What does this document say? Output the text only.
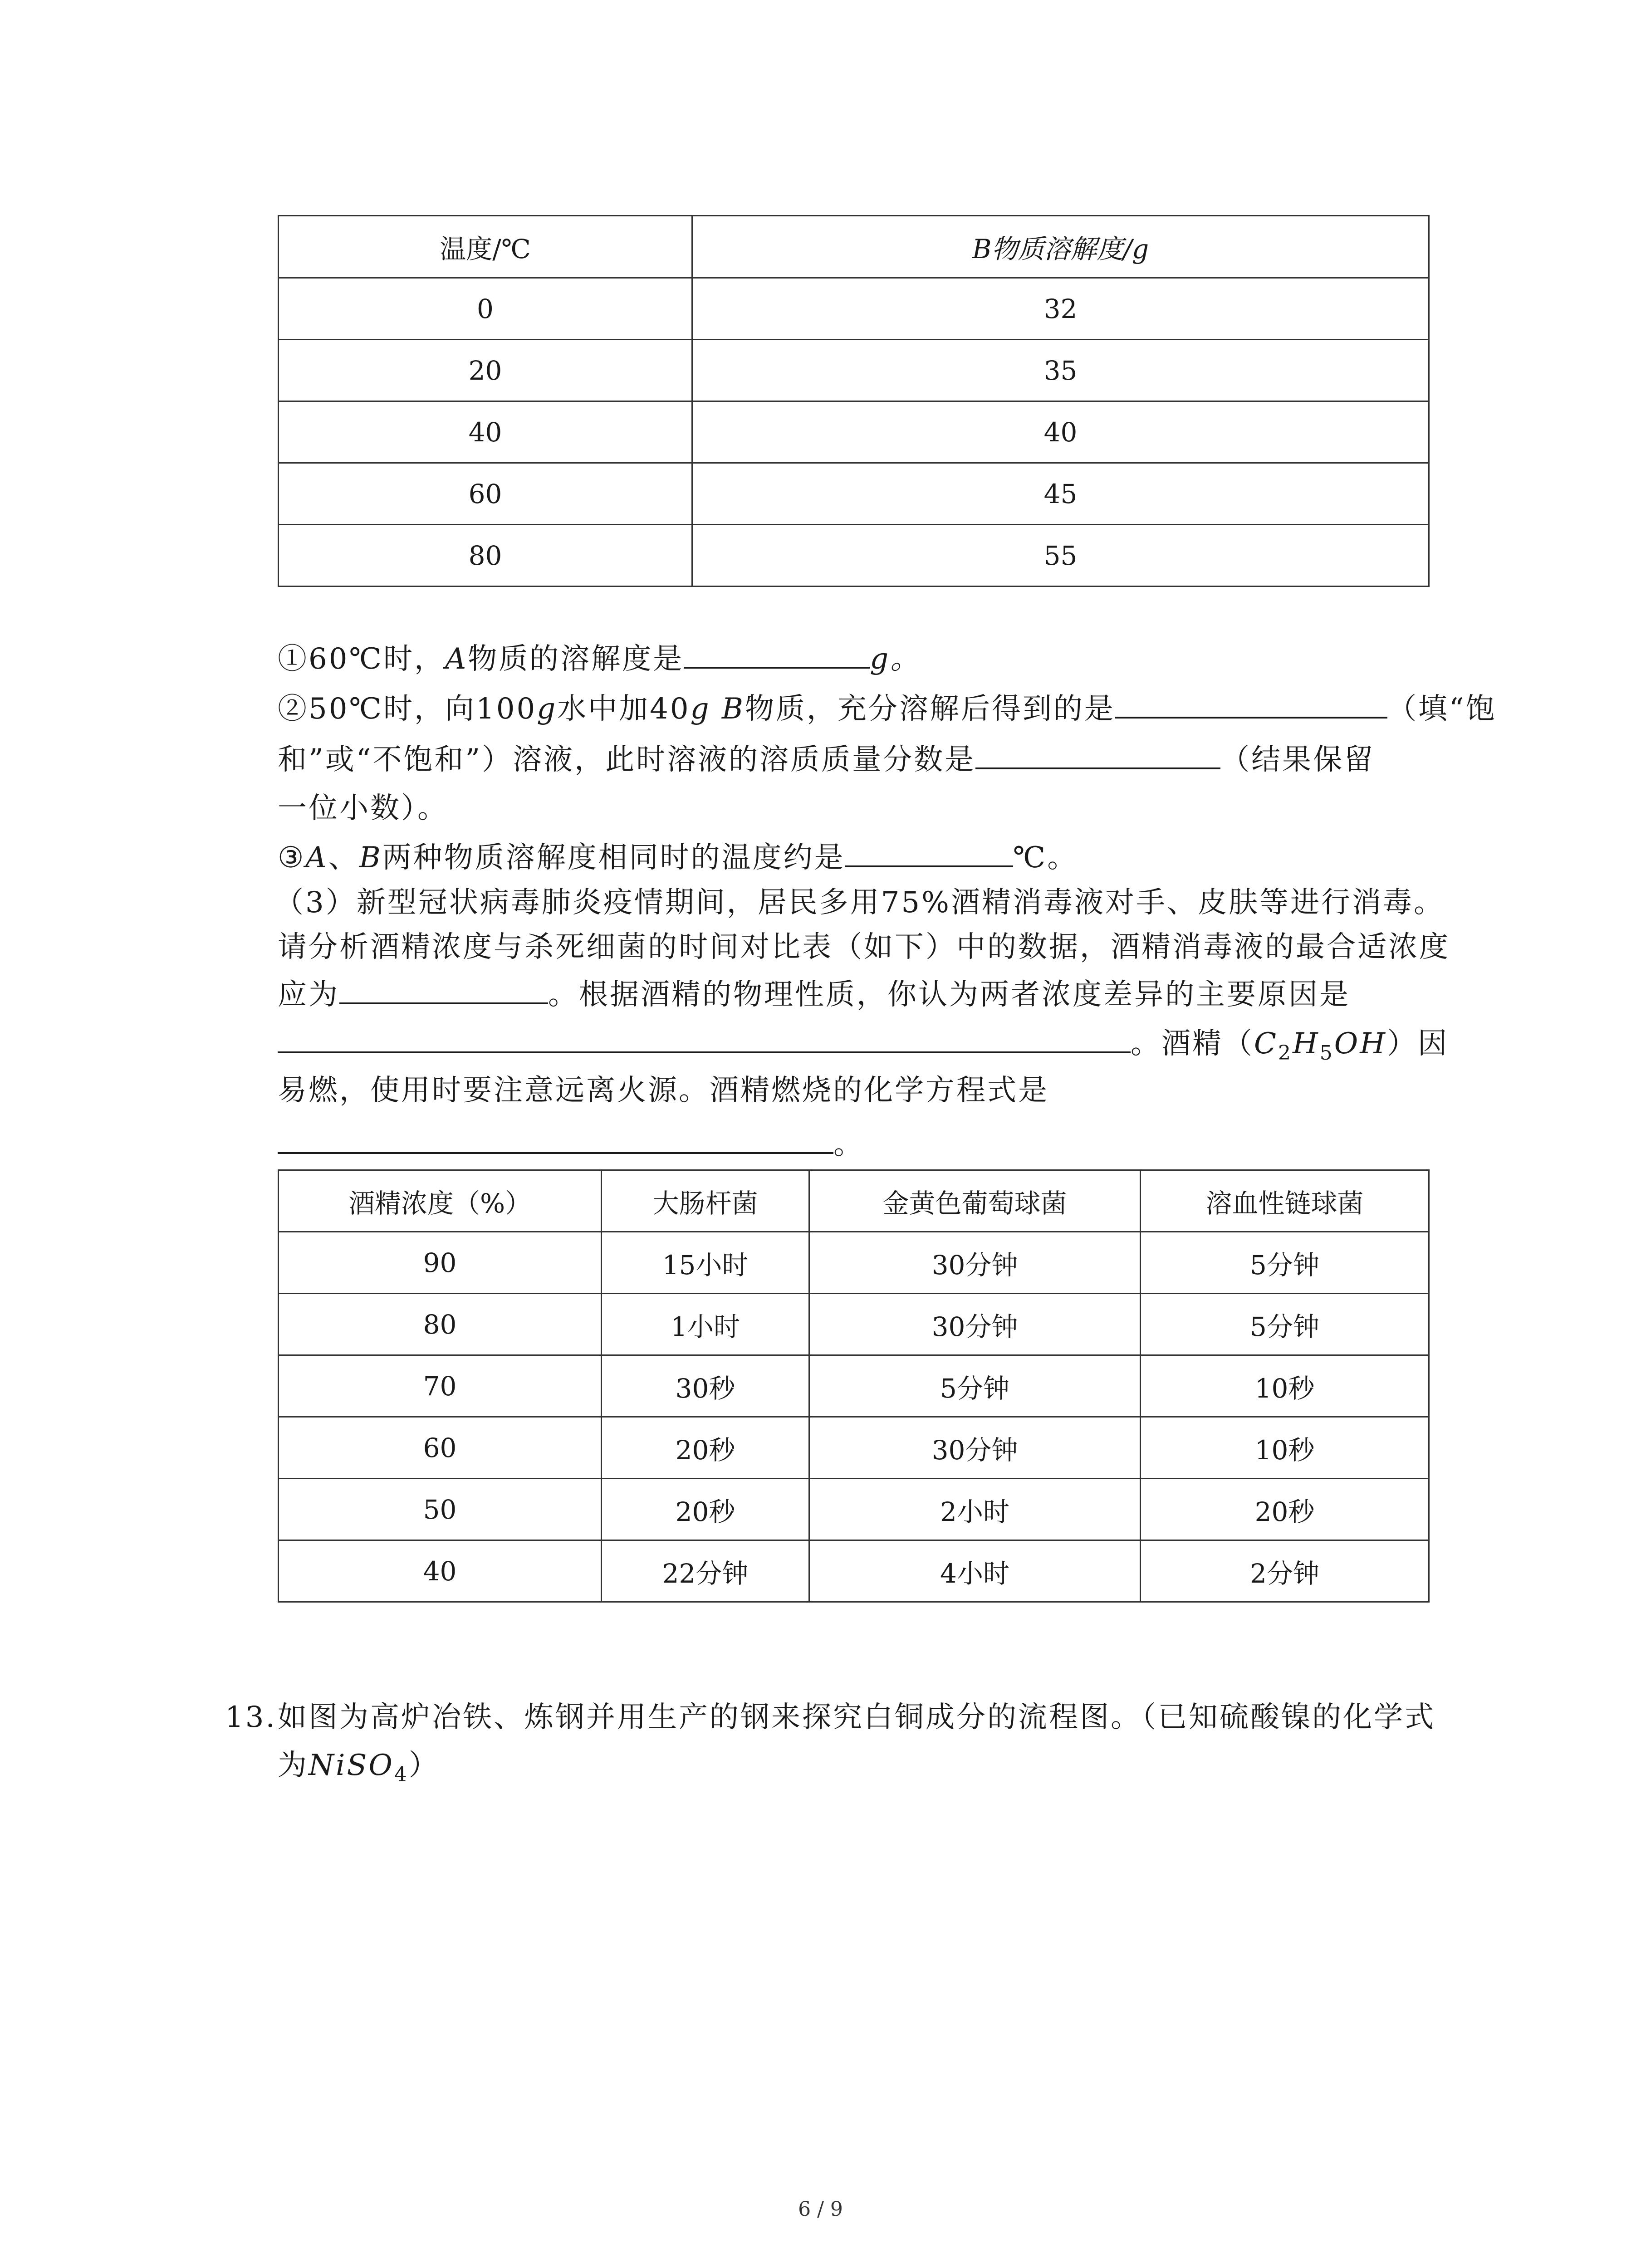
温度/℃	B物质溶解度/g
0	32
20	35
40	40
60	45
80	55
①60℃时，A物质的溶解度是	g。
②50℃时，向100g水中加40g B物质，充分溶解后得到的是	（填“饱
和”或“不饱和”）溶液，此时溶液的溶质质量分数是	（结果保留
一位小数）。
③A、B两种物质溶解度相同时的温度约是	℃。
（3）新型冠状病毒肺炎疫情期间，居民多用75%酒精消毒液对手、皮肤等进行消毒。
请分析酒精浓度与杀死细菌的时间对比表（如下）中的数据，酒精消毒液的最合适浓度
应为	。根据酒精的物理性质，你认为两者浓度差异的主要原因是
。酒精$(C_2H_5OH)$因
易燃，使用时要注意远离火源。酒精燃烧的化学方程式是
。
酒精浓度（%）	大肠杆菌	金黄色葡萄球菌	溶血性链球菌
90	15小时	30分钟	5分钟
80	1小时	30分钟	5分钟
70	30秒	5分钟	10秒
60	20秒	30分钟	10秒
50	20秒	2小时	20秒
40	22分钟	4小时	2分钟
13.如图为高炉冶铁、炼钢并用生产的钢来探究白铜成分的流程图。（已知硫酸镍的化学式
为NiSO$_4$）
6 / 9
